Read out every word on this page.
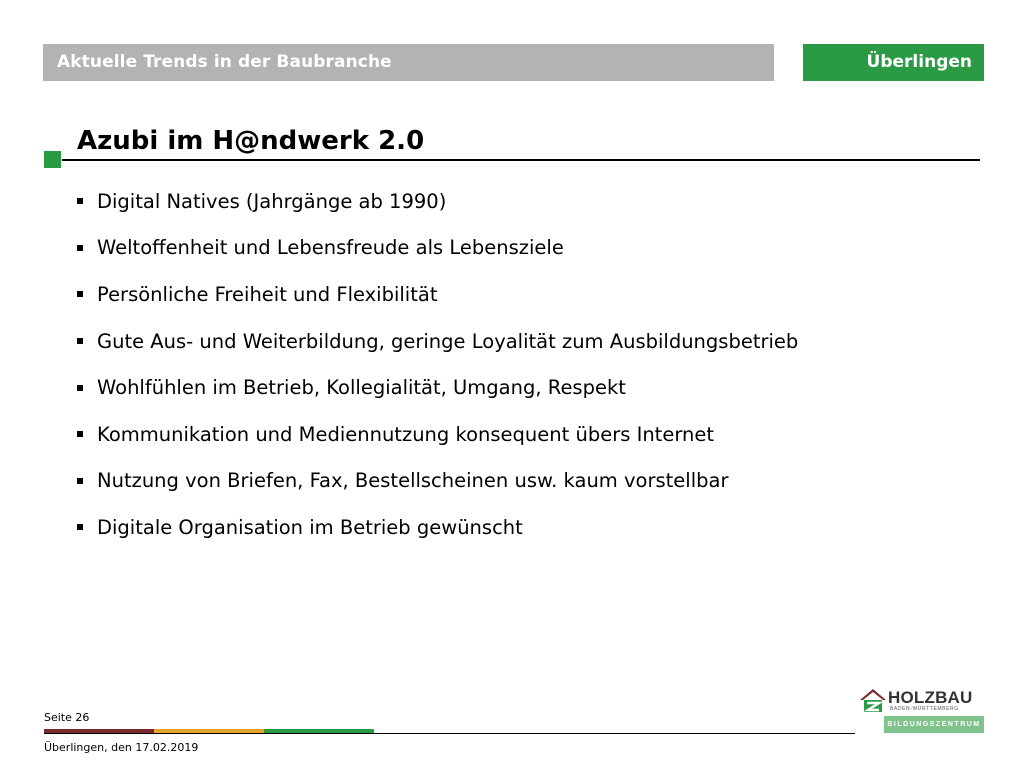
Aktuelle Trends in der Baubranche	Überlingen
Azubi im H@ndwerk 2.0
Digital Natives (Jahrgänge ab 1990)
Weltoffenheit und Lebensfreude als Lebensziele
Persönliche Freiheit und Flexibilität
Gute Aus- und Weiterbildung, geringe Loyalität zum Ausbildungsbetrieb
Wohlfühlen im Betrieb, Kollegialität, Umgang, Respekt
Kommunikation und Mediennutzung konsequent übers Internet
Nutzung von Briefen, Fax, Bestellscheinen usw. kaum vorstellbar
Digitale Organisation im Betrieb gewünscht
Seite 26
Überlingen, den 17.02.2019
HOLZBAU
BADEN-WÜRTTEMBERG
BILDUNGSZENTRUM
